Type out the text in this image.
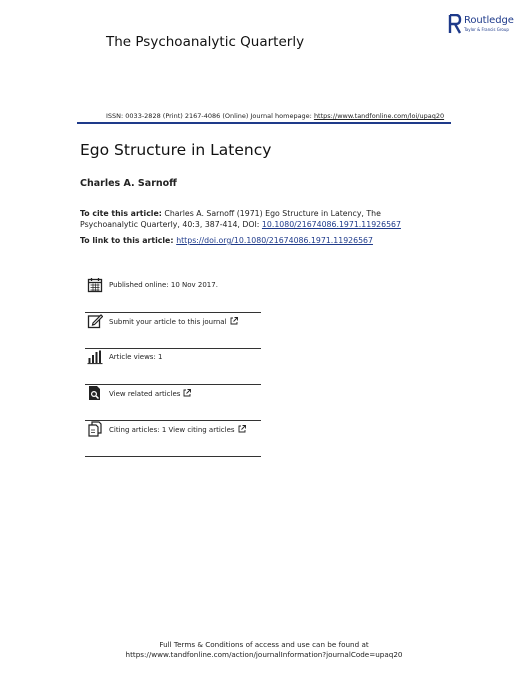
The Psychoanalytic Quarterly
Routledge
Taylor & Francis Group
ISSN: 0033-2828 (Print) 2167-4086 (Online) Journal homepage: https://www.tandfonline.com/loi/upaq20
Ego Structure in Latency
Charles A. Sarnoff
To cite this article: Charles A. Sarnoff (1971) Ego Structure in Latency, The Psychoanalytic Quarterly, 40:3, 387-414, DOI: 10.1080/21674086.1971.11926567
To link to this article: https://doi.org/10.1080/21674086.1971.11926567
Published online: 10 Nov 2017.
Submit your article to this journal
Article views: 1
View related articles
Citing articles: 1 View citing articles
Full Terms & Conditions of access and use can be found at
https://www.tandfonline.com/action/journalInformation?journalCode=upaq20
